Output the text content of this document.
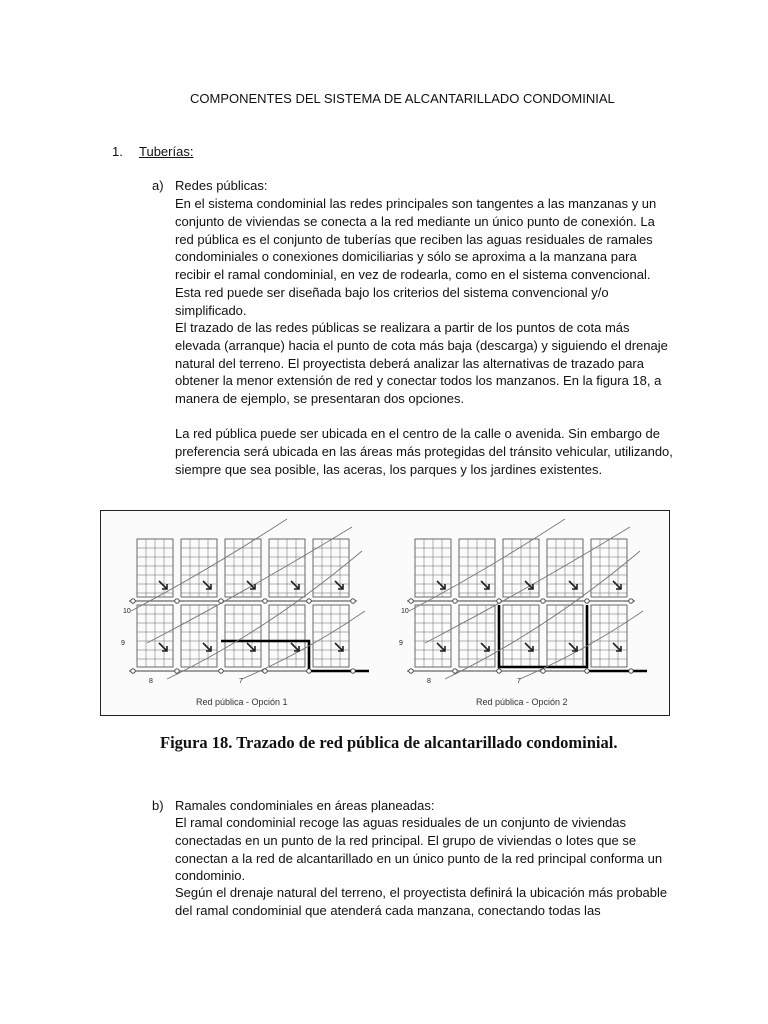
COMPONENTES DEL SISTEMA DE ALCANTARILLADO CONDOMINIAL
1. Tuberías:
a) Redes públicas:
En el sistema condominial las redes principales son tangentes a las manzanas y un conjunto de viviendas se conecta a la red mediante un único punto de conexión. La red pública es el conjunto de tuberías que reciben las aguas residuales de ramales condominiales o conexiones domiciliarias y sólo se aproxima a la manzana para recibir el ramal condominial, en vez de rodearla, como en el sistema convencional. Esta red puede ser diseñada bajo los criterios del sistema convencional y/o simplificado.
El trazado de las redes públicas se realizara a partir de los puntos de cota más elevada (arranque) hacia el punto de cota más baja (descarga) y siguiendo el drenaje natural del terreno. El proyectista deberá analizar las alternativas de trazado para obtener la menor extensión de red y conectar todos los manzanos. En la figura 18, a manera de ejemplo, se presentaran dos opciones.
La red pública puede ser ubicada en el centro de la calle o avenida. Sin embargo de preferencia será ubicada en las áreas más protegidas del tránsito vehicular, utilizando, siempre que sea posible, las aceras, los parques y los jardines existentes.
10
9
8	7
10
9
8	7
Red pública - Opción 1	Red pública - Opción 2
Figura 18. Trazado de red pública de alcantarillado condominial.
b) Ramales condominiales en áreas planeadas:
El ramal condominial recoge las aguas residuales de un conjunto de viviendas conectadas en un punto de la red principal. El grupo de viviendas o lotes que se conectan a la red de alcantarillado en un único punto de la red principal conforma un condominio.
Según el drenaje natural del terreno, el proyectista definirá la ubicación más probable del ramal condominial que atenderá cada manzana, conectando todas las
